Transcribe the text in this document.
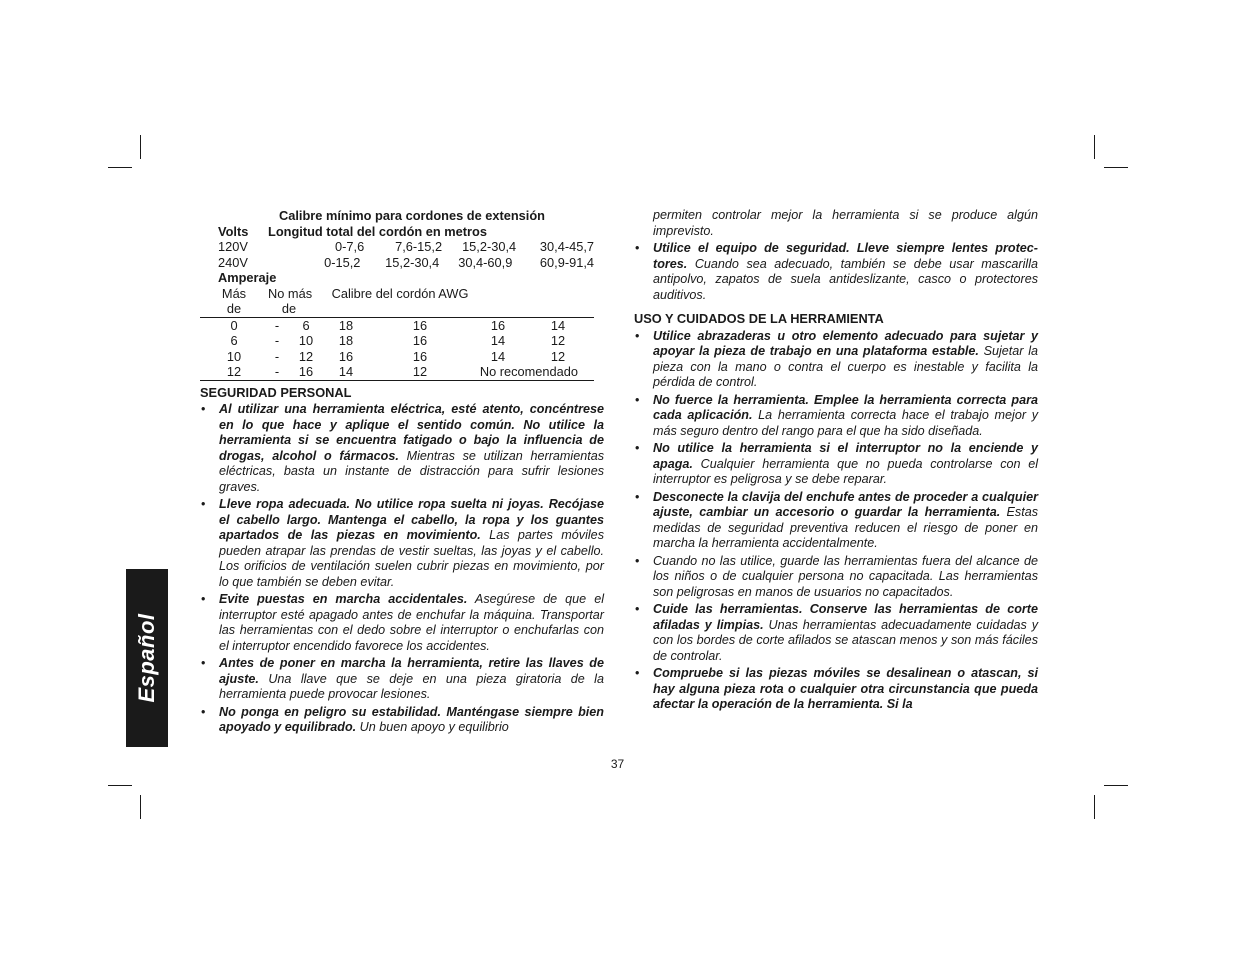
Español
Calibre mínimo para cordones de extensión
Volts	Longitud total del cordón en metros
120V	0-7,6	7,6-15,2	15,2-30,4	30,4-45,7
240V	0-15,2	15,2-30,4	30,4-60,9	60,9-91,4
Amperaje
Más	No más	Calibre del cordón AWG
de	de
0	-	6	18	16	16	14
6	-	10	18	16	14	12
10	-	12	16	16	14	12
12	-	16	14	12	No recomendado	
SEGURIDAD PERSONAL
• Al utilizar una herramienta eléctrica, esté atento, concéntrese en lo que hace y aplique el sentido común. No utilice la herramienta si se encuentra fatigado o bajo la influencia de drogas, alcohol o fármacos. Mientras se utilizan herramientas eléctricas, basta un instante de distracción para sufrir lesiones graves.
• Lleve ropa adecuada. No utilice ropa suelta ni joyas. Recójase el cabello largo. Mantenga el cabello, la ropa y los guantes apartados de las piezas en movimiento. Las partes móviles pueden atrapar las prendas de vestir sueltas, las joyas y el cabello. Los orificios de ventilación suelen cubrir piezas en movimiento, por lo que también se deben evitar.
• Evite puestas en marcha accidentales. Asegúrese de que el interruptor esté apagado antes de enchufar la máquina. Transportar las herramientas con el dedo sobre el interruptor o enchufarlas con el interruptor encendido favorece los accidentes.
• Antes de poner en marcha la herramienta, retire las llaves de ajuste. Una llave que se deje en una pieza giratoria de la herramienta puede provocar lesiones.
• No ponga en peligro su estabilidad. Manténgase siempre bien apoyado y equilibrado. Un buen apoyo y equilibrio

permiten controlar mejor la herramienta si se produce algún imprevisto.

• Utilice el equipo de seguridad. Lleve siempre lentes protectores. Cuando sea adecuado, también se debe usar mascarilla antipolvo, zapatos de suela antideslizante, casco o protectores auditivos.
USO Y CUIDADOS DE LA HERRAMIENTA
• Utilice abrazaderas u otro elemento adecuado para sujetar y apoyar la pieza de trabajo en una plataforma estable. Sujetar la pieza con la mano o contra el cuerpo es inestable y facilita la pérdida de control.
• No fuerce la herramienta. Emplee la herramienta correcta para cada aplicación. La herramienta correcta hace el trabajo mejor y más seguro dentro del rango para el que ha sido diseñada.
• No utilice la herramienta si el interruptor no la enciende y apaga. Cualquier herramienta que no pueda controlarse con el interruptor es peligrosa y se debe reparar.
• Desconecte la clavija del enchufe antes de proceder a cualquier ajuste, cambiar un accesorio o guardar la herramienta. Estas medidas de seguridad preventiva reducen el riesgo de poner en marcha la herramienta accidentalmente.
• Cuando no las utilice, guarde las herramientas fuera del alcance de los niños o de cualquier persona no capacitada. Las herramientas son peligrosas en manos de usuarios no capacitados.
• Cuide las herramientas. Conserve las herramientas de corte afiladas y limpias. Unas herramientas adecuadamente cuidadas y con los bordes de corte afilados se atascan menos y son más fáciles de controlar.
• Compruebe si las piezas móviles se desalinean o atascan, si hay alguna pieza rota o cualquier otra circunstancia que pueda afectar la operación de la herramienta. Si la
37
